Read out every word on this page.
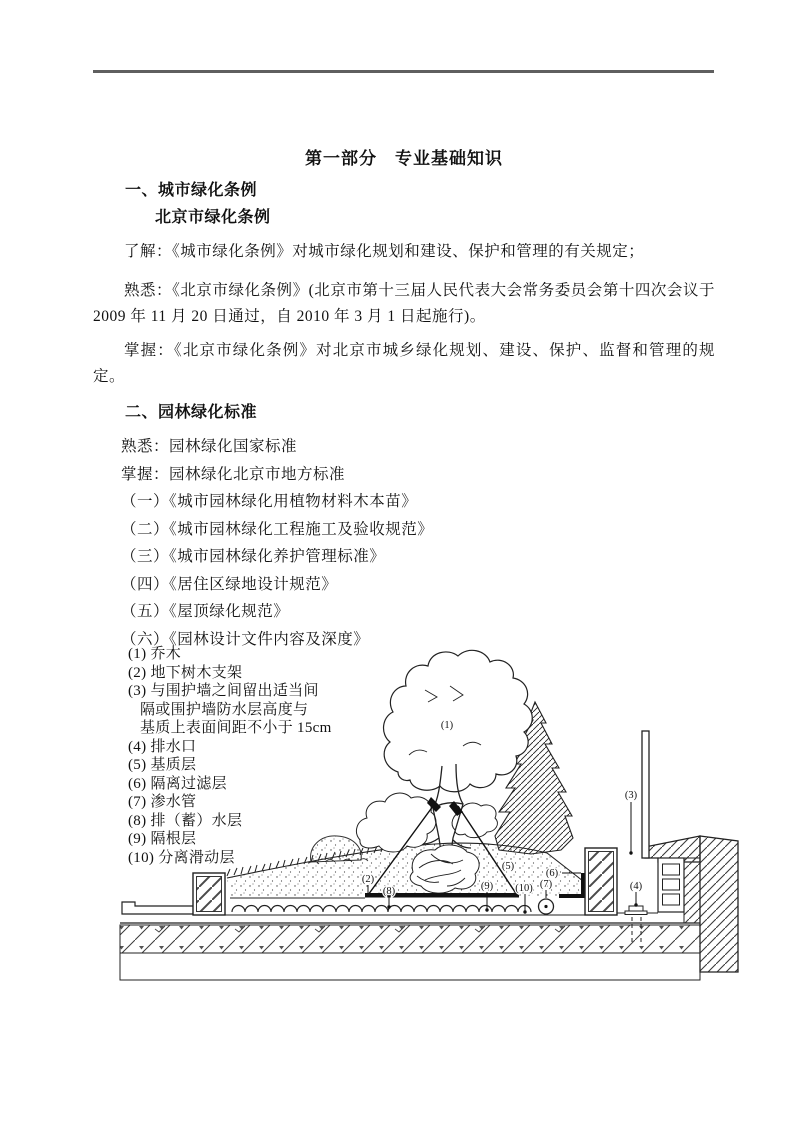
第一部分　专业基础知识
一、城市绿化条例
北京市绿化条例

了解：《城市绿化条例》对城市绿化规划和建设、保护和管理的有关规定；

熟悉：《北京市绿化条例》(北京市第十三届人民代表大会常务委员会第十四次会议于 2009 年 11 月 20 日通过，自 2010 年 3 月 1 日起施行)。

掌握：《北京市绿化条例》对北京市城乡绿化规划、建设、保护、监督和管理的规定。

二、园林绿化标准
熟悉：园林绿化国家标准
掌握：园林绿化北京市地方标准
（一）《城市园林绿化用植物材料木本苗》
（二）《城市园林绿化工程施工及验收规范》
（三）《城市园林绿化养护管理标准》
（四）《居住区绿地设计规范》
（五）《屋顶绿化规范》
（六）《园林设计文件内容及深度》
(1) 乔木
(2) 地下树木支架
(3) 与围护墙之间留出适当间
隔或围护墙防水层高度与
基质上表面间距不小于 15cm
(4) 排水口
(5) 基质层
(6) 隔离过滤层
(7) 渗水管
(8) 排（蓄）水层
(9) 隔根层
(10) 分离滑动层
(1)
(2)
(3)
(4)
(5)
(6)
(7)
(8)	(9) (10)
